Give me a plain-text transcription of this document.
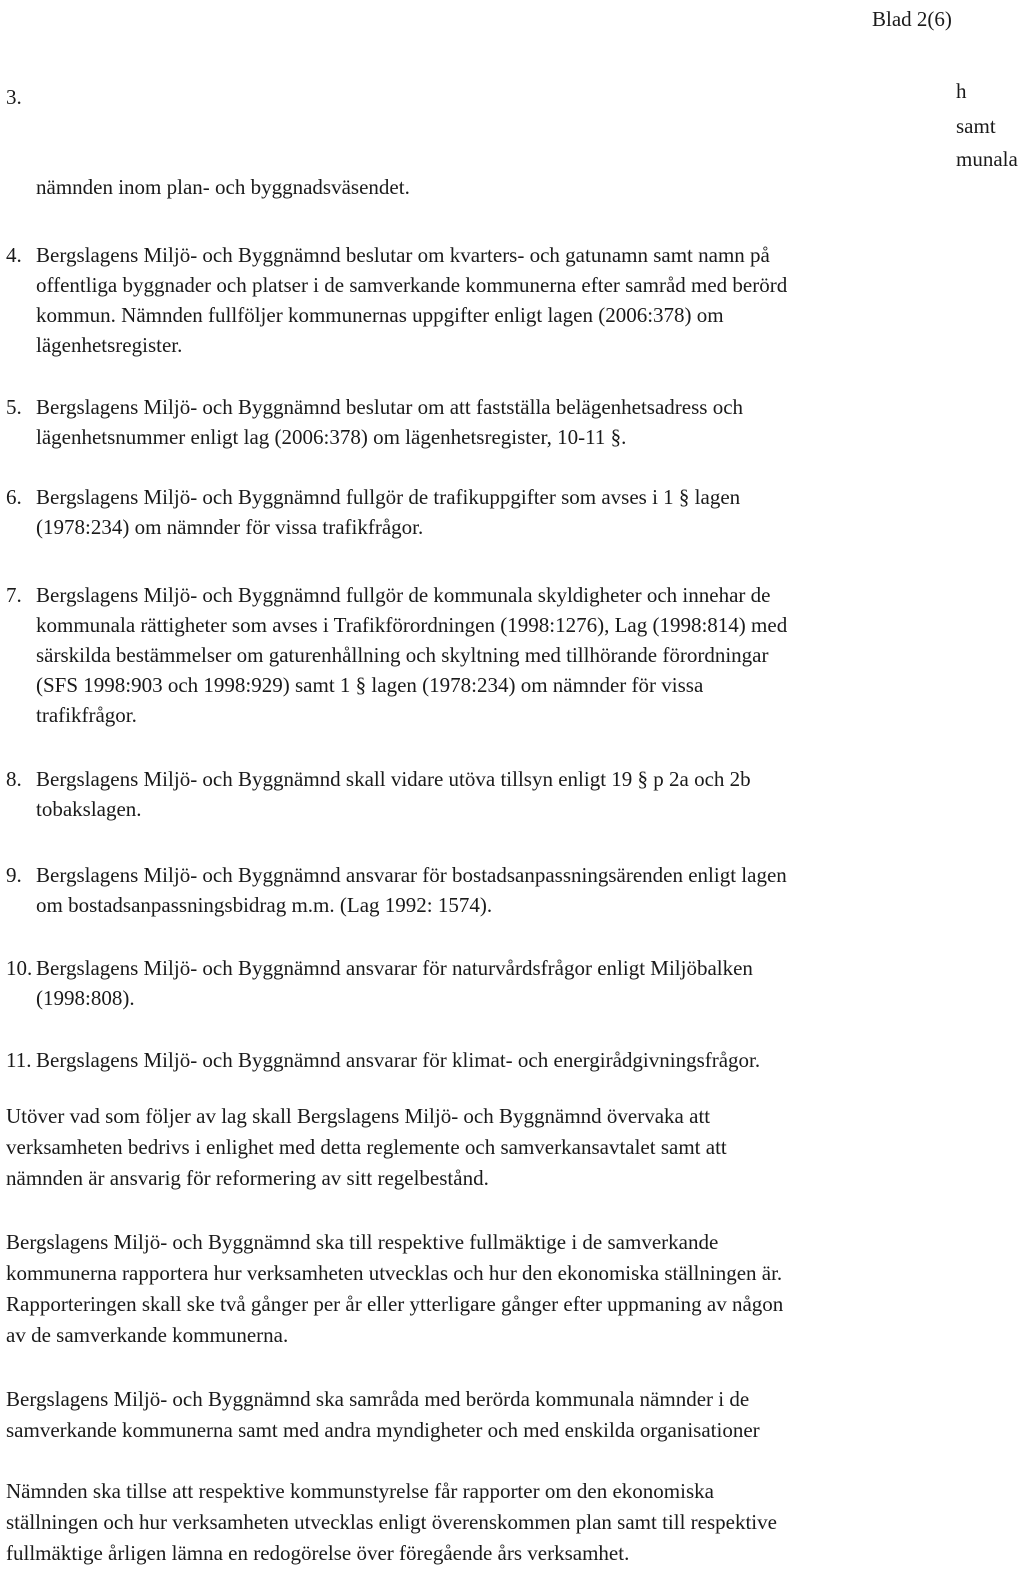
Blad 2(6)
3.	h
samt
munala
nämnden inom plan- och byggnadsväsendet.
4. Bergslagens Miljö- och Byggnämnd beslutar om kvarters- och gatunamn samt namn på
offentliga byggnader och platser i de samverkande kommunerna efter samråd med berörd
kommun. Nämnden fullföljer kommunernas uppgifter enligt lagen (2006:378) om
lägenhetsregister.
5. Bergslagens Miljö- och Byggnämnd beslutar om att fastställa belägenhetsadress och
lägenhetsnummer enligt lag (2006:378) om lägenhetsregister, 10-11 §.
6. Bergslagens Miljö- och Byggnämnd fullgör de trafikuppgifter som avses i 1 § lagen
(1978:234) om nämnder för vissa trafikfrågor.
7. Bergslagens Miljö- och Byggnämnd fullgör de kommunala skyldigheter och innehar de
kommunala rättigheter som avses i Trafikförordningen (1998:1276), Lag (1998:814) med
särskilda bestämmelser om gaturenhållning och skyltning med tillhörande förordningar
(SFS 1998:903 och 1998:929) samt 1 § lagen (1978:234) om nämnder för vissa
trafikfrågor.
8. Bergslagens Miljö- och Byggnämnd skall vidare utöva tillsyn enligt 19 § p 2a och 2b
tobakslagen.
9. Bergslagens Miljö- och Byggnämnd ansvarar för bostadsanpassningsärenden enligt lagen
om bostadsanpassningsbidrag m.m. (Lag 1992: 1574).
10. Bergslagens Miljö- och Byggnämnd ansvarar för naturvårdsfrågor enligt Miljöbalken
(1998:808).
11. Bergslagens Miljö- och Byggnämnd ansvarar för klimat- och energirådgivningsfrågor.
Utöver vad som följer av lag skall Bergslagens Miljö- och Byggnämnd övervaka att
verksamheten bedrivs i enlighet med detta reglemente och samverkansavtalet samt att
nämnden är ansvarig för reformering av sitt regelbestånd.
Bergslagens Miljö- och Byggnämnd ska till respektive fullmäktige i de samverkande
kommunerna rapportera hur verksamheten utvecklas och hur den ekonomiska ställningen är.
Rapporteringen skall ske två gånger per år eller ytterligare gånger efter uppmaning av någon
av de samverkande kommunerna.
Bergslagens Miljö- och Byggnämnd ska samråda med berörda kommunala nämnder i de
samverkande kommunerna samt med andra myndigheter och med enskilda organisationer
Nämnden ska tillse att respektive kommunstyrelse får rapporter om den ekonomiska
ställningen och hur verksamheten utvecklas enligt överenskommen plan samt till respektive
fullmäktige årligen lämna en redogörelse över föregående års verksamhet.
